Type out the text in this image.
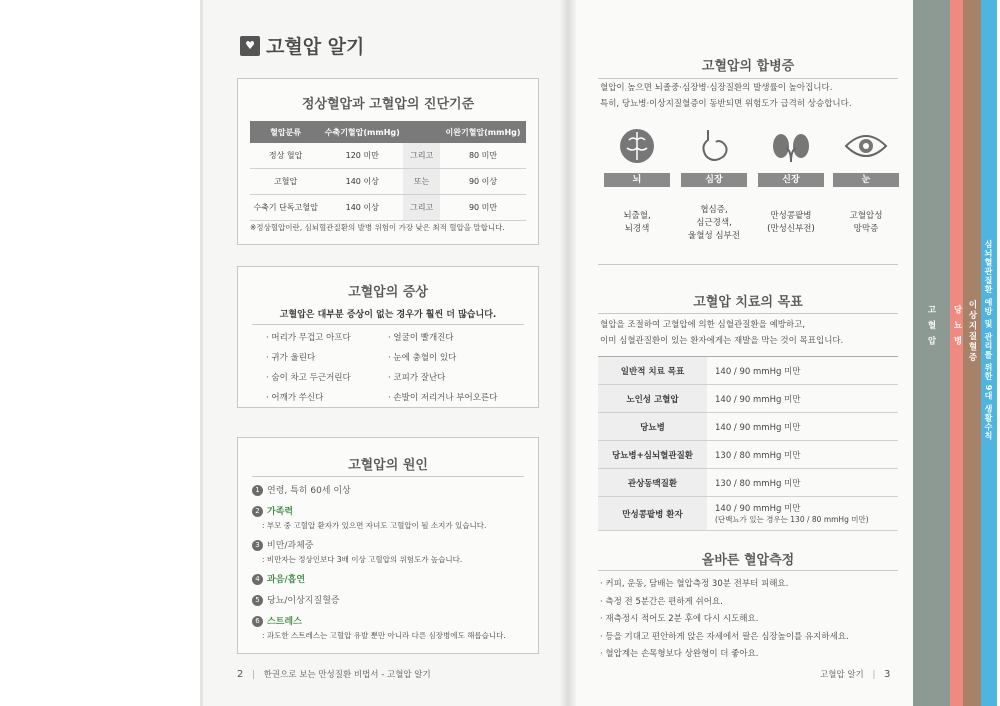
고 혈 압 당 뇨 병 이상지질혈증 심뇌혈관질환 예방 및 관리를 위한 9대 생활수칙
♥ 고혈압 알기
정상혈압과 고혈압의 진단기준
혈압분류	수축기혈압(mmHg)		이완기혈압(mmHg)
정상 혈압	120 미만	그리고	80 미만
고혈압	140 이상	또는	90 이상
수축기 단독고혈압	140 이상	그리고	90 미만
※정상혈압이란, 심뇌혈관질환의 발병 위험이 가장 낮은 최적 혈압을 말합니다.
고혈압의 증상
고혈압은 대부분 증상이 없는 경우가 훨씬 더 많습니다.
· 머리가 무겁고 아프다
· 귀가 울린다
· 숨이 차고 두근거린다
· 어깨가 쑤신다
· 얼굴이 빨개진다
· 눈에 충혈이 있다
· 코피가 잘난다
· 손발이 저리거나 부어오른다
고혈압의 원인
1 연령, 특히 60세 이상
2 가족력
: 부모 중 고혈압 환자가 있으면 자녀도 고혈압이 될 소지가 있습니다.
3 비만/과체중
: 비만자는 정상인보다 3배 이상 고혈압의 위험도가 높습니다.
4 과음/흡연
5 당뇨/이상지질혈증
6 스트레스
: 과도한 스트레스는 고혈압 유발 뿐만 아니라 다른 심장병에도 해롭습니다.
2 | 한권으로 보는 만성질환 비법서 - 고혈압 알기
고혈압의 합병증
혈압이 높으면 뇌졸중·심장병·심장질환의 발생률이 높아집니다.
특히, 당뇨병·이상지질혈증이 동반되면 위험도가 급격히 상승합니다.
뇌
뇌출혈,
뇌경색
심장
협심증,
심근경색,
울혈성 심부전
신장
만성콩팥병
(만성신부전)
눈
고혈압성
망막증
고혈압 치료의 목표
혈압을 조절하여 고혈압에 의한 심혈관질환을 예방하고,
이미 심혈관질환이 있는 환자에게는 재발을 막는 것이 목표입니다.
일반적 치료 목표	140 / 90 mmHg 미만
노인성 고혈압	140 / 90 mmHg 미만
당뇨병	140 / 90 mmHg 미만
당뇨병+심뇌혈관질환	130 / 80 mmHg 미만
관상동맥질환	130 / 80 mmHg 미만
만성콩팥병 환자	140 / 90 mmHg 미만
(단백뇨가 있는 경우는 130 / 80 mmHg 미만)
올바른 혈압측정
· 커피, 운동, 담배는 혈압측정 30분 전부터 피해요.
· 측정 전 5분간은 편하게 쉬어요.
· 재측정시 적어도 2분 후에 다시 시도해요.
· 등을 기대고 편안하게 앉은 자세에서 팔은 심장높이를 유지하세요.
· 혈압계는 손목형보다 상완형이 더 좋아요.
고혈압 알기 | 3
